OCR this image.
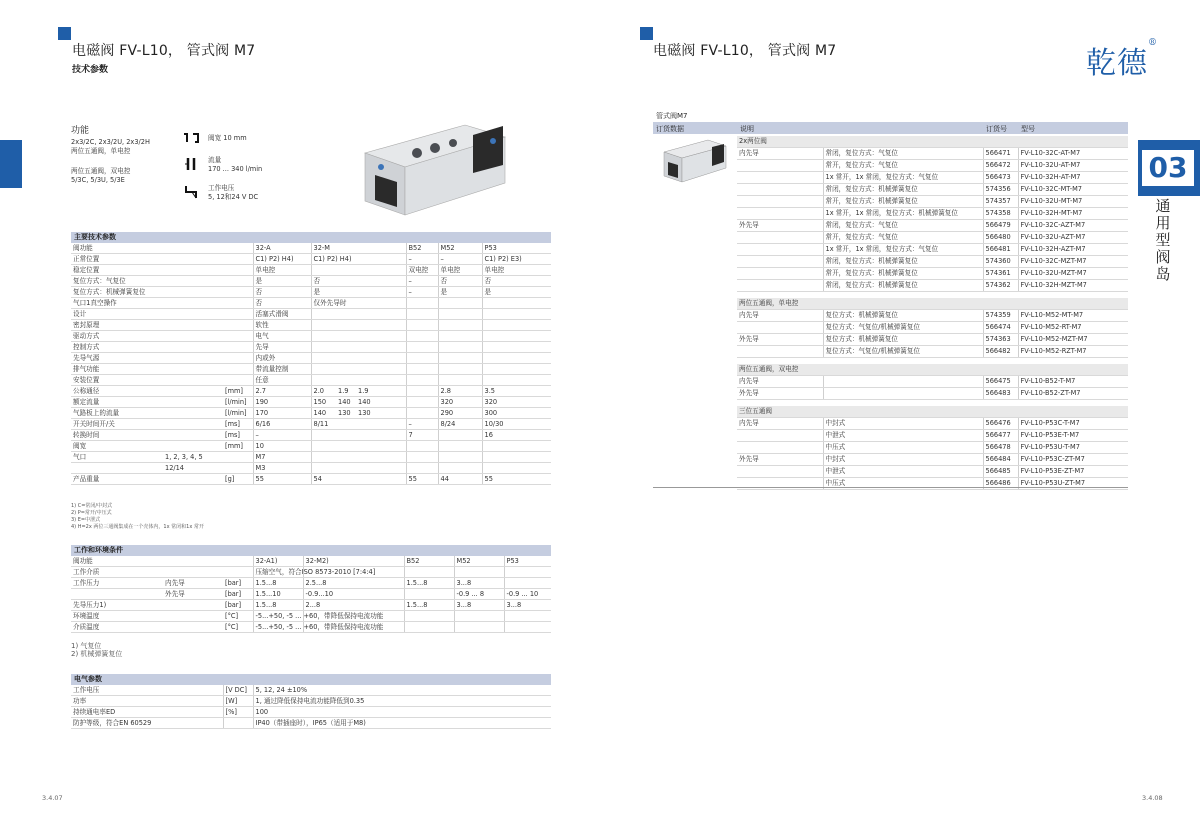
电磁阀 FV-L10， 管式阀 M7
技术参数
功能
2x3/2C, 2x3/2U, 2x3/2H
两位五通阀，单电控
两位五通阀，双电控
5/3C, 5/3U, 5/3E
阀宽 10 mm
流量
170 ... 340 l/min
工作电压
5, 12和24 V DC
主要技术参数
阀功能			32-A		32-M			B52	M52	P53	
正常位置			C1) P2) H4)		C1) P2) H4)			–	–	C1) P2) E3)	
稳定位置			单电控					双电控	单电控	单电控	
复位方式：气复位			是		否			–	否	否	
复位方式：机械弹簧复位			否		是			–	是	是	
气口1真空操作			否		仅外先导时						
设计			活塞式滑阀								
密封原理			软性								
驱动方式			电气								
控制方式			先导								
先导气源			内或外								
排气功能			带流量控制								
安装位置			任意								
公称通径		[mm]	2.7		2.0	1.9	1.9		2.8	3.5	
额定流量		[l/min]	190		150	140	140		320	320	
气路板上的流量		[l/min]	170		140	130	130		290	300	
开关时间开/关		[ms]	6/16		8/11			–	8/24	10/30	
转换时间		[ms]	–					7		16	
阀宽		[mm]	10								
气口	1, 2, 3, 4, 5		M7								
	12/14		M3								
产品重量		[g]	55		54			55	44	55	
1) C=常闭/中封式
2) P=常开/中压式
3) E=中泄式
4) H=2x 两位三通阀集成在一个壳体内，1x 常闭和1x 常开
工作和环境条件
阀功能			32-A1)	32-M2)	B52	M52	P53
工作介质			压缩空气，符合ISO 8573-2010 [7:4:4]				
工作压力	内先导	[bar]	1.5...8	2.5...8	1.5...8	3...8	
	外先导	[bar]	1.5...10	-0.9...10		-0.9 ... 8	-0.9 ... 10
先导压力1)		[bar]	1.5...8	2...8	1.5...8	3...8	3...8
环境温度		[°C]	-5...+50, -5 ... +60，带降低保持电流功能				
介质温度		[°C]	-5...+50, -5 ... +60，带降低保持电流功能				
1) 气复位
2) 机械弹簧复位
电气参数
工作电压	[V DC]	5, 12, 24 ±10%
功率	[W]	1, 通过降低保持电流功能降低到0.35
持续通电率ED	[%]	100
防护等级，符合EN 60529		IP40（带插座时），IP65（适用于M8)
3.4.07
电磁阀 FV-L10， 管式阀 M7	乾德®
管式阀M7
订货数据	说明	订货号 型号
2x两位阀			
内先导	常闭，复位方式：气复位	566471	FV-L10-32C-AT-M7
	常开，复位方式：气复位	566472	FV-L10-32U-AT-M7
	1x 常开，1x 常闭，复位方式：气复位	566473	FV-L10-32H-AT-M7
	常闭，复位方式：机械弹簧复位	574356	FV-L10-32C-MT-M7
	常开，复位方式：机械弹簧复位	574357	FV-L10-32U-MT-M7
	1x 常开，1x 常闭，复位方式：机械弹簧复位	574358	FV-L10-32H-MT-M7
外先导	常闭，复位方式：气复位	566479	FV-L10-32C-AZT-M7
	常开，复位方式：气复位	566480	FV-L10-32U-AZT-M7
	1x 常开，1x 常闭，复位方式：气复位	566481	FV-L10-32H-AZT-M7
	常闭，复位方式：机械弹簧复位	574360	FV-L10-32C-MZT-M7
	常开，复位方式：机械弹簧复位	574361	FV-L10-32U-MZT-M7
	常闭，复位方式：机械弹簧复位	574362	FV-L10-32H-MZT-M7

两位五通阀，单电控			
内先导	复位方式：机械弹簧复位	574359	FV-L10-M52-MT-M7
	复位方式：气复位/机械弹簧复位	566474	FV-L10-M52-RT-M7
外先导	复位方式：机械弹簧复位	574363	FV-L10-M52-MZT-M7
	复位方式：气复位/机械弹簧复位	566482	FV-L10-M52-RZT-M7

两位五通阀，双电控			
内先导		566475	FV-L10-B52-T-M7
外先导		566483	FV-L10-B52-ZT-M7

三位五通阀			
内先导	中封式	566476	FV-L10-P53C-T-M7
	中泄式	566477	FV-L10-P53E-T-M7
	中压式	566478	FV-L10-P53U-T-M7
外先导	中封式	566484	FV-L10-P53C-ZT-M7
	中泄式	566485	FV-L10-P53E-ZT-M7
	中压式	566486	FV-L10-P53U-ZT-M7
03
通
用
型
阀
岛
3.4.08
